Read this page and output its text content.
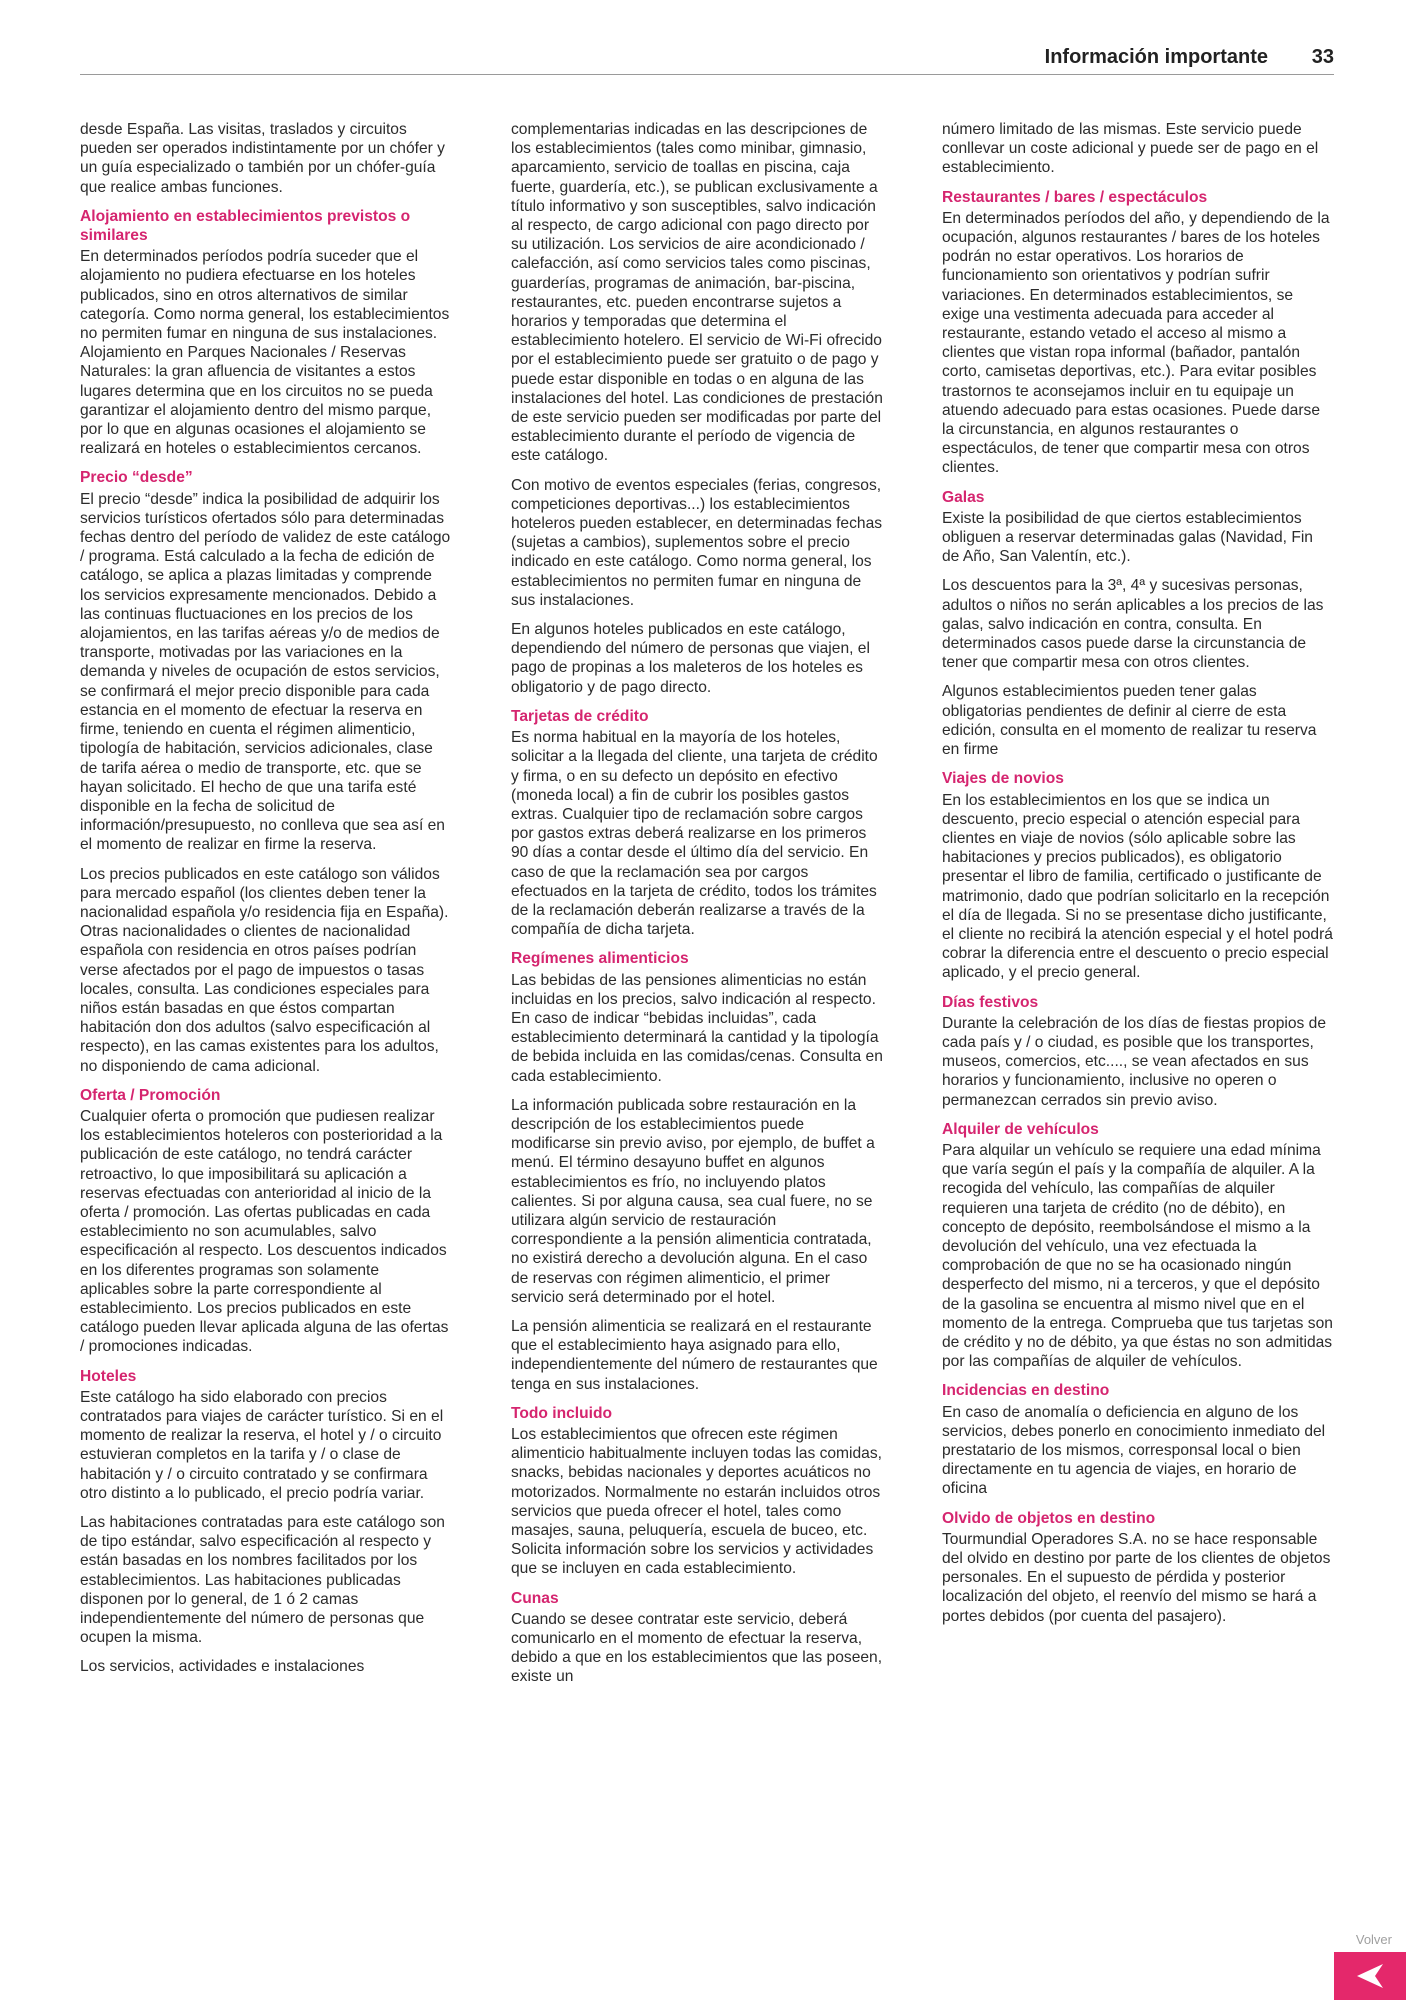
Información importante 33

desde España. Las visitas, traslados y circuitos pueden ser operados indistintamente por un chófer y un guía especializado o también por un chófer-guía que realice ambas funciones.

Alojamiento en establecimientos previstos o similares

En determinados períodos podría suceder que el alojamiento no pudiera efectuarse en los hoteles publicados, sino en otros alternativos de similar categoría. Como norma general, los establecimientos no permiten fumar en ninguna de sus instalaciones. Alojamiento en Parques Nacionales / Reservas Naturales: la gran afluencia de visitantes a estos lugares determina que en los circuitos no se pueda garantizar el alojamiento dentro del mismo parque, por lo que en algunas ocasiones el alojamiento se realizará en hoteles o establecimientos cercanos.

Precio “desde”

El precio “desde” indica la posibilidad de adquirir los servicios turísticos ofertados sólo para determinadas fechas dentro del período de validez de este catálogo / programa. Está calculado a la fecha de edición de catálogo, se aplica a plazas limitadas y comprende los servicios expresamente mencionados. Debido a las continuas fluctuaciones en los precios de los alojamientos, en las tarifas aéreas y/o de medios de transporte, motivadas por las variaciones en la demanda y niveles de ocupación de estos servicios, se confirmará el mejor precio disponible para cada estancia en el momento de efectuar la reserva en firme, teniendo en cuenta el régimen alimenticio, tipología de habitación, servicios adicionales, clase de tarifa aérea o medio de transporte, etc. que se hayan solicitado. El hecho de que una tarifa esté disponible en la fecha de solicitud de información/presupuesto, no conlleva que sea así en el momento de realizar en firme la reserva.

Los precios publicados en este catálogo son válidos para mercado español (los clientes deben tener la nacionalidad española y/o residencia fija en España). Otras nacionalidades o clientes de nacionalidad española con residencia en otros países podrían verse afectados por el pago de impuestos o tasas locales, consulta. Las condiciones especiales para niños están basadas en que éstos compartan habitación don dos adultos (salvo especificación al respecto), en las camas existentes para los adultos, no disponiendo de cama adicional.

Oferta / Promoción

Cualquier oferta o promoción que pudiesen realizar los establecimientos hoteleros con posterioridad a la publicación de este catálogo, no tendrá carácter retroactivo, lo que imposibilitará su aplicación a reservas efectuadas con anterioridad al inicio de la oferta / promoción. Las ofertas publicadas en cada establecimiento no son acumulables, salvo especificación al respecto. Los descuentos indicados en los diferentes programas son solamente aplicables sobre la parte correspondiente al establecimiento. Los precios publicados en este catálogo pueden llevar aplicada alguna de las ofertas / promociones indicadas.

Hoteles

Este catálogo ha sido elaborado con precios contratados para viajes de carácter turístico. Si en el momento de realizar la reserva, el hotel y / o circuito estuvieran completos en la tarifa y / o clase de habitación y / o circuito contratado y se confirmara otro distinto a lo publicado, el precio podría variar.

Las habitaciones contratadas para este catálogo son de tipo estándar, salvo especificación al respecto y están basadas en los nombres facilitados por los establecimientos. Las habitaciones publicadas disponen por lo general, de 1 ó 2 camas independientemente del número de personas que ocupen la misma.

Los servicios, actividades e instalaciones

complementarias indicadas en las descripciones de los establecimientos (tales como minibar, gimnasio, aparcamiento, servicio de toallas en piscina, caja fuerte, guardería, etc.), se publican exclusivamente a título informativo y son susceptibles, salvo indicación al respecto, de cargo adicional con pago directo por su utilización. Los servicios de aire acondicionado / calefacción, así como servicios tales como piscinas, guarderías, programas de animación, bar-piscina, restaurantes, etc. pueden encontrarse sujetos a horarios y temporadas que determina el establecimiento hotelero. El servicio de Wi-Fi ofrecido por el establecimiento puede ser gratuito o de pago y puede estar disponible en todas o en alguna de las instalaciones del hotel. Las condiciones de prestación de este servicio pueden ser modificadas por parte del establecimiento durante el período de vigencia de este catálogo.

Con motivo de eventos especiales (ferias, congresos, competiciones deportivas...) los establecimientos hoteleros pueden establecer, en determinadas fechas (sujetas a cambios), suplementos sobre el precio indicado en este catálogo. Como norma general, los establecimientos no permiten fumar en ninguna de sus instalaciones.

En algunos hoteles publicados en este catálogo, dependiendo del número de personas que viajen, el pago de propinas a los maleteros de los hoteles es obligatorio y de pago directo.

Tarjetas de crédito

Es norma habitual en la mayoría de los hoteles, solicitar a la llegada del cliente, una tarjeta de crédito y firma, o en su defecto un depósito en efectivo (moneda local) a fin de cubrir los posibles gastos extras. Cualquier tipo de reclamación sobre cargos por gastos extras deberá realizarse en los primeros 90 días a contar desde el último día del servicio. En caso de que la reclamación sea por cargos efectuados en la tarjeta de crédito, todos los trámites de la reclamación deberán realizarse a través de la compañía de dicha tarjeta.

Regímenes alimenticios

Las bebidas de las pensiones alimenticias no están incluidas en los precios, salvo indicación al respecto. En caso de indicar “bebidas incluidas”, cada establecimiento determinará la cantidad y la tipología de bebida incluida en las comidas/cenas. Consulta en cada establecimiento.

La información publicada sobre restauración en la descripción de los establecimientos puede modificarse sin previo aviso, por ejemplo, de buffet a menú. El término desayuno buffet en algunos establecimientos es frío, no incluyendo platos calientes. Si por alguna causa, sea cual fuere, no se utilizara algún servicio de restauración correspondiente a la pensión alimenticia contratada, no existirá derecho a devolución alguna. En el caso de reservas con régimen alimenticio, el primer servicio será determinado por el hotel.

La pensión alimenticia se realizará en el restaurante que el establecimiento haya asignado para ello, independientemente del número de restaurantes que tenga en sus instalaciones.

Todo incluido

Los establecimientos que ofrecen este régimen alimenticio habitualmente incluyen todas las comidas, snacks, bebidas nacionales y deportes acuáticos no motorizados. Normalmente no estarán incluidos otros servicios que pueda ofrecer el hotel, tales como masajes, sauna, peluquería, escuela de buceo, etc. Solicita información sobre los servicios y actividades que se incluyen en cada establecimiento.

Cunas

Cuando se desee contratar este servicio, deberá comunicarlo en el momento de efectuar la reserva, debido a que en los establecimientos que las poseen, existe un

número limitado de las mismas. Este servicio puede conllevar un coste adicional y puede ser de pago en el establecimiento.

Restaurantes / bares / espectáculos

En determinados períodos del año, y dependiendo de la ocupación, algunos restaurantes / bares de los hoteles podrán no estar operativos. Los horarios de funcionamiento son orientativos y podrían sufrir variaciones. En determinados establecimientos, se exige una vestimenta adecuada para acceder al restaurante, estando vetado el acceso al mismo a clientes que vistan ropa informal (bañador, pantalón corto, camisetas deportivas, etc.). Para evitar posibles trastornos te aconsejamos incluir en tu equipaje un atuendo adecuado para estas ocasiones. Puede darse la circunstancia, en algunos restaurantes o espectáculos, de tener que compartir mesa con otros clientes.

Galas

Existe la posibilidad de que ciertos establecimientos obliguen a reservar determinadas galas (Navidad, Fin de Año, San Valentín, etc.).

Los descuentos para la 3ª, 4ª y sucesivas personas, adultos o niños no serán aplicables a los precios de las galas, salvo indicación en contra, consulta. En determinados casos puede darse la circunstancia de tener que compartir mesa con otros clientes.

Algunos establecimientos pueden tener galas obligatorias pendientes de definir al cierre de esta edición, consulta en el momento de realizar tu reserva en firme

Viajes de novios

En los establecimientos en los que se indica un descuento, precio especial o atención especial para clientes en viaje de novios (sólo aplicable sobre las habitaciones y precios publicados), es obligatorio presentar el libro de familia, certificado o justificante de matrimonio, dado que podrían solicitarlo en la recepción el día de llegada. Si no se presentase dicho justificante, el cliente no recibirá la atención especial y el hotel podrá cobrar la diferencia entre el descuento o precio especial aplicado, y el precio general.

Días festivos

Durante la celebración de los días de fiestas propios de cada país y / o ciudad, es posible que los transportes, museos, comercios, etc...., se vean afectados en sus horarios y funcionamiento, inclusive no operen o permanezcan cerrados sin previo aviso.

Alquiler de vehículos

Para alquilar un vehículo se requiere una edad mínima que varía según el país y la compañía de alquiler. A la recogida del vehículo, las compañías de alquiler requieren una tarjeta de crédito (no de débito), en concepto de depósito, reembolsándose el mismo a la devolución del vehículo, una vez efectuada la comprobación de que no se ha ocasionado ningún desperfecto del mismo, ni a terceros, y que el depósito de la gasolina se encuentra al mismo nivel que en el momento de la entrega. Comprueba que tus tarjetas son de crédito y no de débito, ya que éstas no son admitidas por las compañías de alquiler de vehículos.

Incidencias en destino

En caso de anomalía o deficiencia en alguno de los servicios, debes ponerlo en conocimiento inmediato del prestatario de los mismos, corresponsal local o bien directamente en tu agencia de viajes, en horario de oficina

Olvido de objetos en destino

Tourmundial Operadores S.A. no se hace responsable del olvido en destino por parte de los clientes de objetos personales. En el supuesto de pérdida y posterior localización del objeto, el reenvío del mismo se hará a portes debidos (por cuenta del pasajero).

Volver
